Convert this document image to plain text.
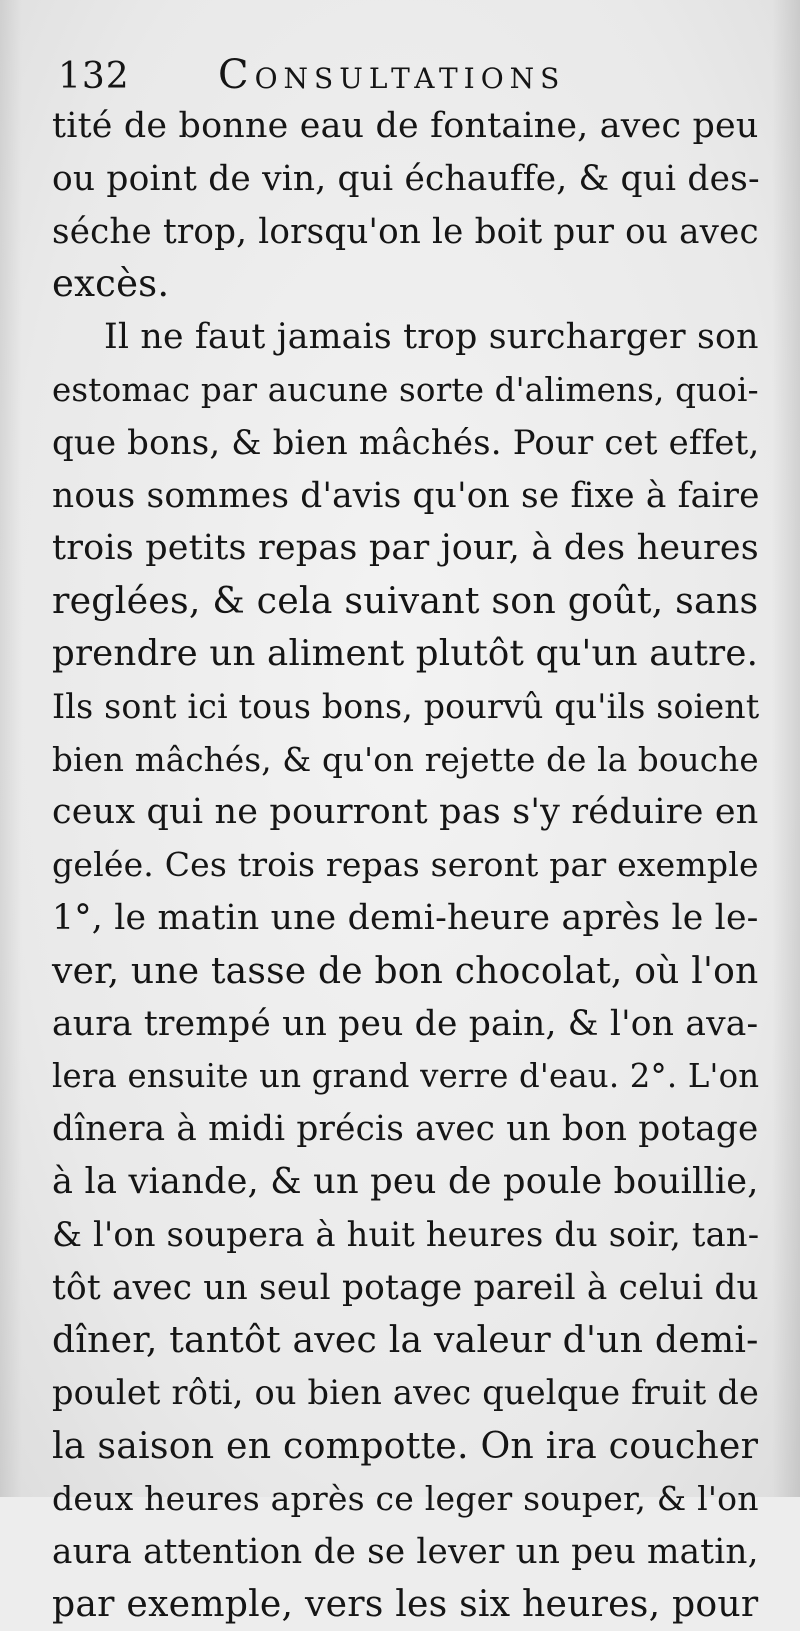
132 Consultations
tité de bonne eau de fontaine, avec peu
ou point de vin, qui échauffe, & qui des-
séche trop, lorsqu'on le boit pur ou avec
excès.
Il ne faut jamais trop surcharger son
estomac par aucune sorte d'alimens, quoi-
que bons, & bien mâchés. Pour cet effet,
nous sommes d'avis qu'on se fixe à faire
trois petits repas par jour, à des heures
reglées, & cela suivant son goût, sans
prendre un aliment plutôt qu'un autre.
Ils sont ici tous bons, pourvû qu'ils soient
bien mâchés, & qu'on rejette de la bouche
ceux qui ne pourront pas s'y réduire en
gelée. Ces trois repas seront par exemple
1°, le matin une demi-heure après le le-
ver, une tasse de bon chocolat, où l'on
aura trempé un peu de pain, & l'on ava-
lera ensuite un grand verre d'eau. 2°. L'on
dînera à midi précis avec un bon potage
à la viande, & un peu de poule bouillie,
& l'on soupera à huit heures du soir, tan-
tôt avec un seul potage pareil à celui du
dîner, tantôt avec la valeur d'un demi-
poulet rôti, ou bien avec quelque fruit de
la saison en compotte. On ira coucher
deux heures après ce leger souper, & l'on
aura attention de se lever un peu matin,
par exemple, vers les six heures, pour
